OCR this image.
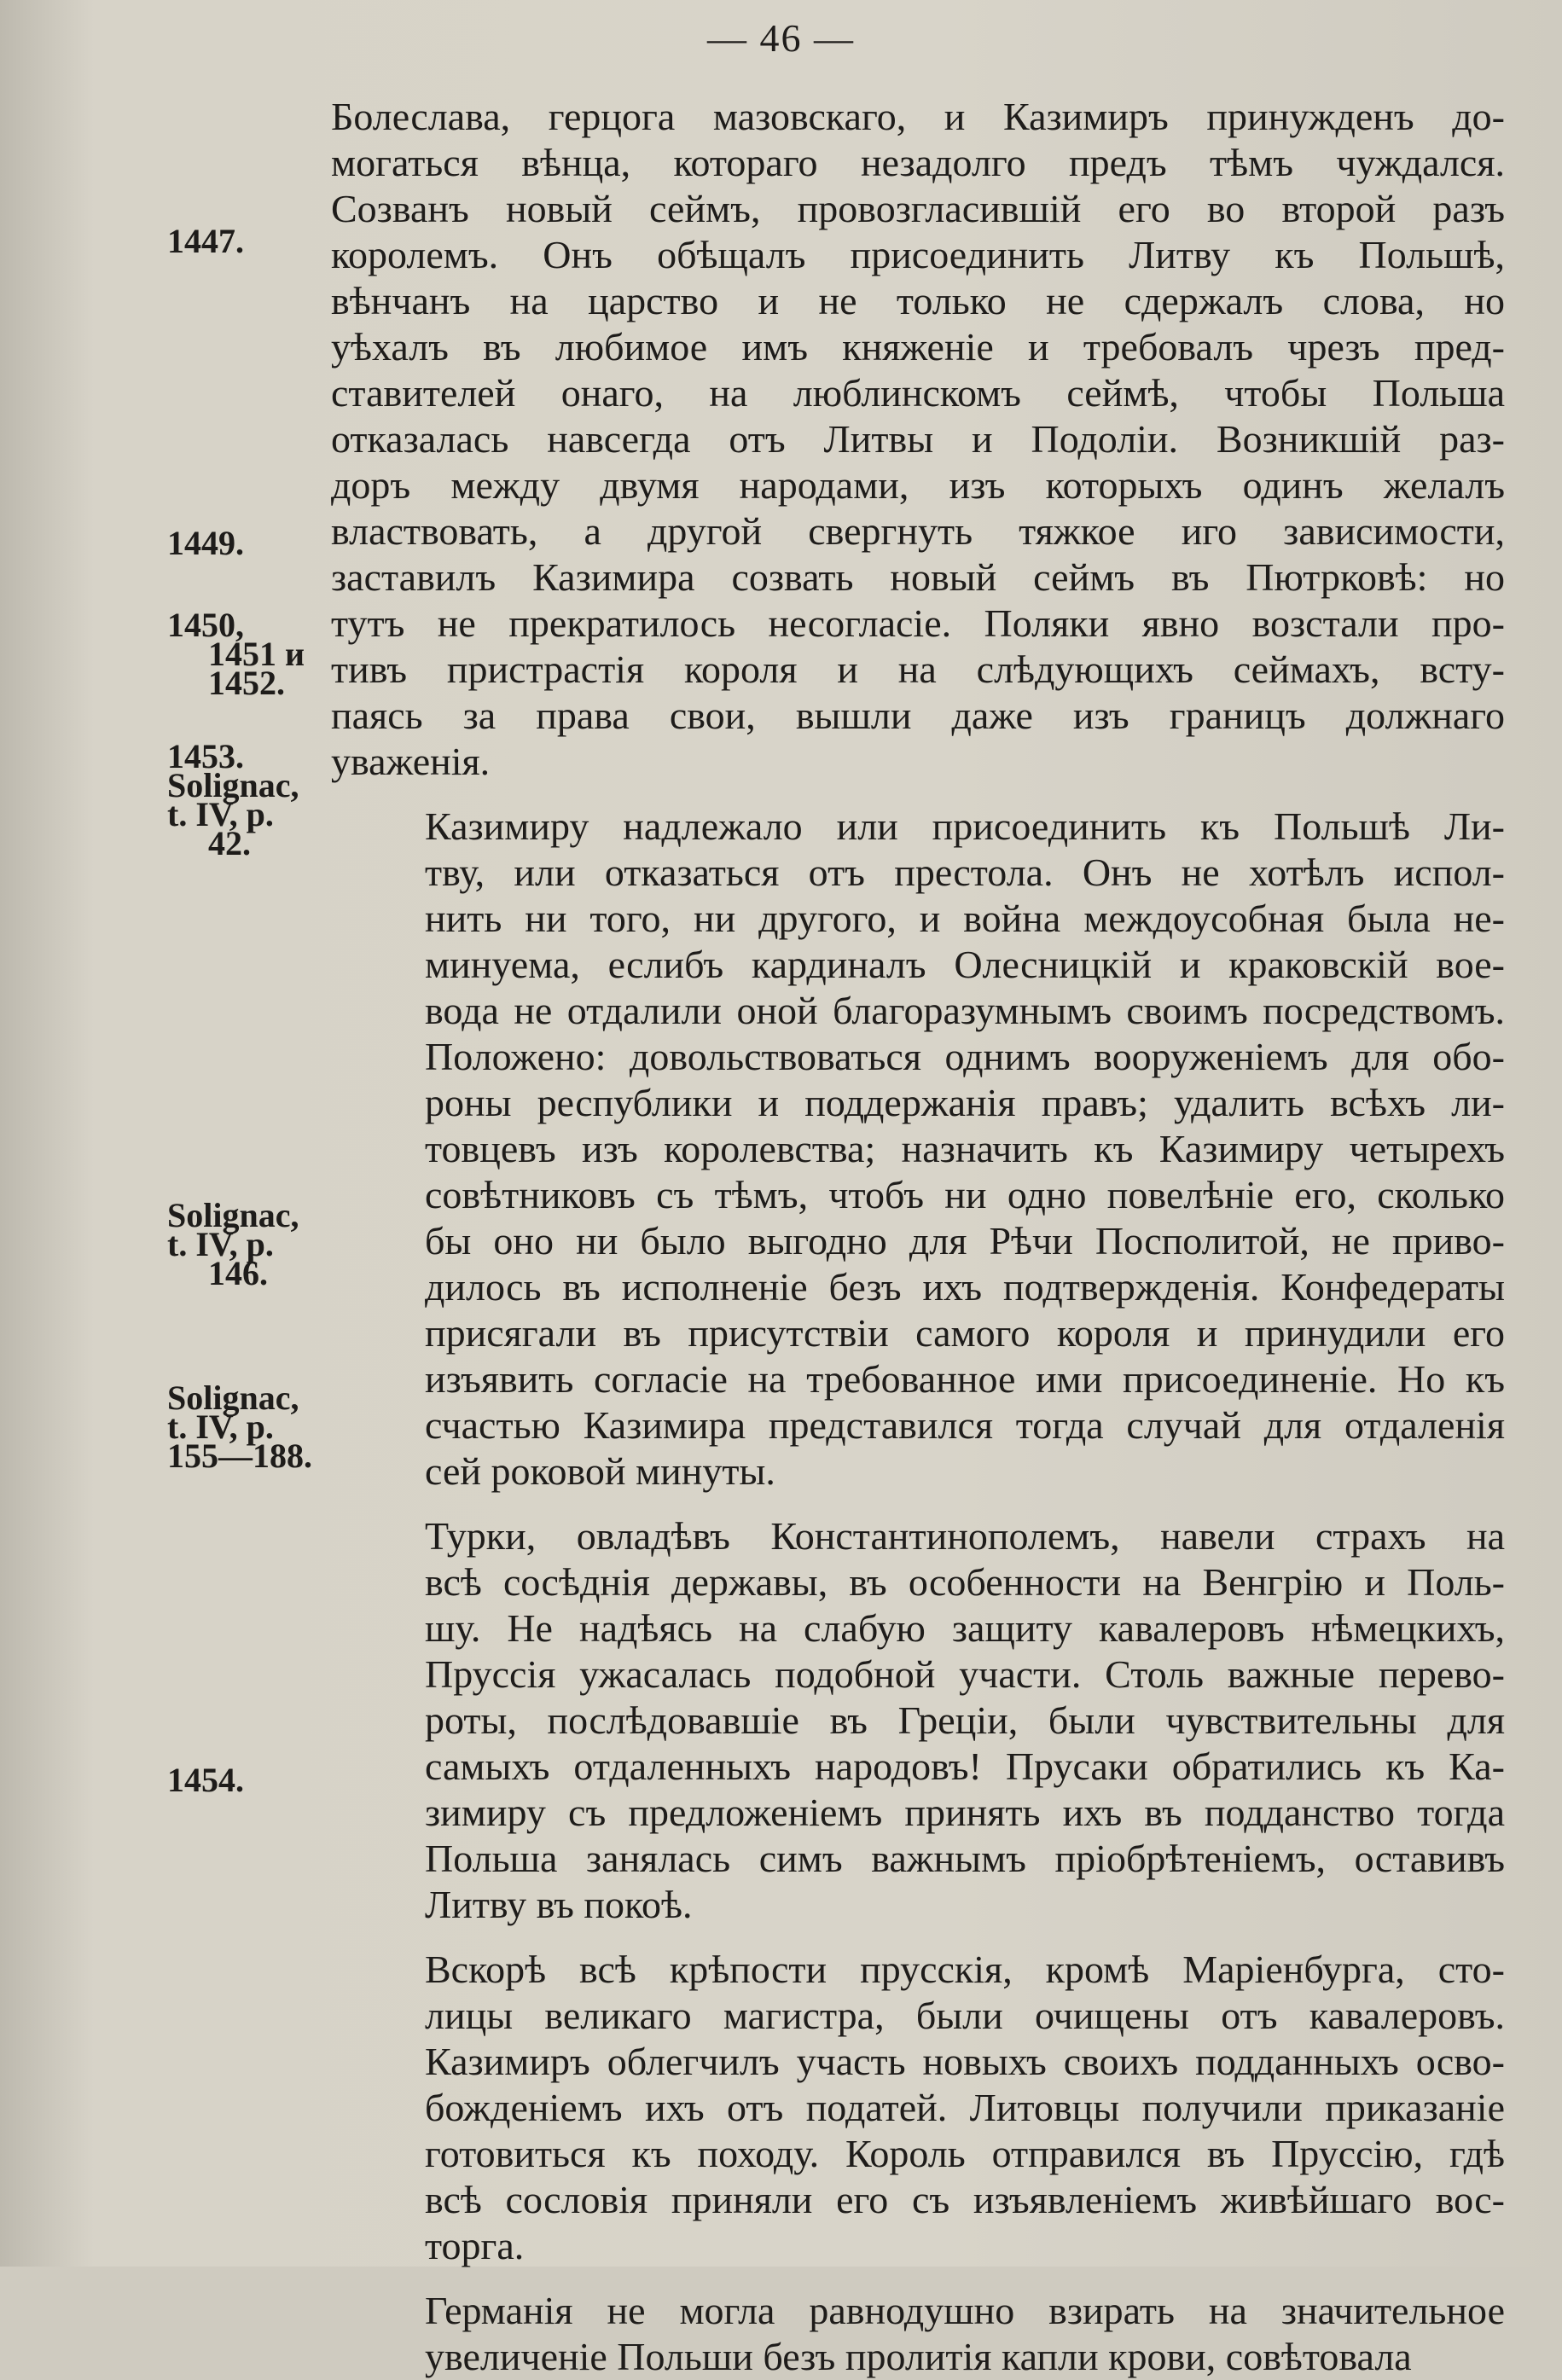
— 46 —

Болеслава, герцога мазовскаго, и Казимиръ принужденъ до-
могаться вѣнца, котораго незадолго предъ тѣмъ чуждался.
Созванъ новый сеймъ, провозгласившій его во второй разъ
королемъ. Онъ обѣщалъ присоединить Литву къ Польшѣ,
вѣнчанъ на царство и не только не сдержалъ слова, но
уѣхалъ въ любимое имъ княженіе и требовалъ чрезъ пред-
ставителей онаго, на люблинскомъ сеймѣ, чтобы Польша
отказалась навсегда отъ Литвы и Подоліи. Возникшій раз-
доръ между двумя народами, изъ которыхъ одинъ желалъ
властвовать, а другой свергнуть тяжкое иго зависимости,
заставилъ Казимира созвать новый сеймъ въ Пютрковѣ: но
тутъ не прекратилось несогласіе. Поляки явно возстали про-
тивъ пристрастія короля и на слѣдующихъ сеймахъ, всту-
паясь за права свои, вышли даже изъ границъ должнаго
уваженія.

Казимиру надлежало или присоединить къ Польшѣ Ли-
тву, или отказаться отъ престола. Онъ не хотѣлъ испол-
нить ни того, ни другого, и война междоусобная была не-
минуема, еслибъ кардиналъ Олесницкій и краковскій вое-
вода не отдалили оной благоразумнымъ своимъ посредствомъ.
Положено: довольствоваться однимъ вооруженіемъ для обо-
роны республики и поддержанія правъ; удалить всѣхъ ли-
товцевъ изъ королевства; назначить къ Казимиру четырехъ
совѣтниковъ съ тѣмъ, чтобъ ни одно повелѣніе его, сколько
бы оно ни было выгодно для Рѣчи Посполитой, не приво-
дилось въ исполненіе безъ ихъ подтвержденія. Конфедераты
присягали въ присутствіи самого короля и принудили его
изъявить согласіе на требованное ими присоединеніе. Но къ
счастью Казимира представился тогда случай для отдаленія
сей роковой минуты.

Турки, овладѣвъ Константинополемъ, навели страхъ на
всѣ сосѣднія державы, въ особенности на Венгрію и Поль-
шу. Не надѣясь на слабую защиту кавалеровъ нѣмецкихъ,
Пруссія ужасалась подобной участи. Столь важные перево-
роты, послѣдовавшіе въ Греціи, были чувствительны для
самыхъ отдаленныхъ народовъ! Прусаки обратились къ Ка-
зимиру съ предложеніемъ принять ихъ въ подданство тогда
Польша занялась симъ важнымъ пріобрѣтеніемъ, оставивъ
Литву въ покоѣ.

Вскорѣ всѣ крѣпости прусскія, кромѣ Маріенбурга, сто-
лицы великаго магистра, были очищены отъ кавалеровъ.
Казимиръ облегчилъ участь новыхъ своихъ подданныхъ осво-
божденіемъ ихъ отъ податей. Литовцы получили приказаніе
готовиться къ походу. Король отправился въ Пруссію, гдѣ
всѣ сословія приняли его съ изъявленіемъ живѣйшаго вос-
торга.

Германія не могла равнодушно взирать на значительное
увеличеніе Польши безъ пролитія капли крови, совѣтовала

1447.
1449.
1450,
1451 и
1452.
1453.
Solignac,
t. IV, p.
42.
Solignac,
t. IV, p.
146.
Solignac,
t. IV, p.
155—188.
1454.
